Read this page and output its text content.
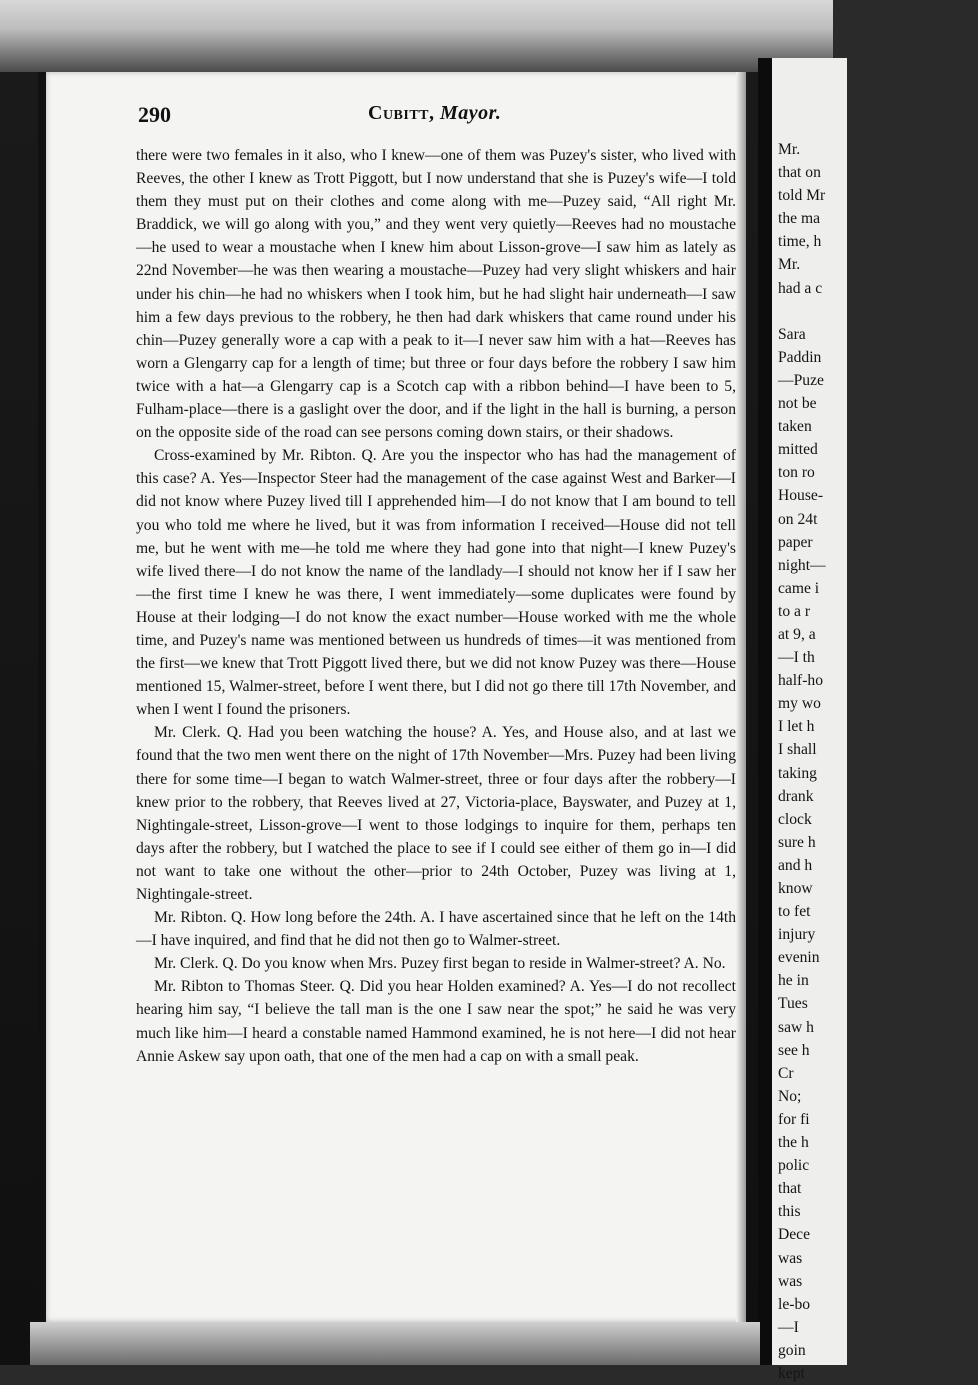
290	Cubitt, Mayor.

there were two females in it also, who I knew—one of them was Puzey's sister, who lived with Reeves, the other I knew as Trott Piggott, but I now understand that she is Puzey's wife—I told them they must put on their clothes and come along with me—Puzey said, “All right Mr. Braddick, we will go along with you,” and they went very quietly—Reeves had no moustache—he used to wear a moustache when I knew him about Lisson-grove—I saw him as lately as 22nd November—he was then wearing a moustache—Puzey had very slight whiskers and hair under his chin—he had no whiskers when I took him, but he had slight hair underneath—I saw him a few days previous to the robbery, he then had dark whiskers that came round under his chin—Puzey generally wore a cap with a peak to it—I never saw him with a hat—Reeves has worn a Glengarry cap for a length of time; but three or four days before the robbery I saw him twice with a hat—a Glengarry cap is a Scotch cap with a ribbon behind—I have been to 5, Fulham-place—there is a gaslight over the door, and if the light in the hall is burning, a person on the opposite side of the road can see persons coming down stairs, or their shadows.

Cross-examined by Mr. Ribton. Q. Are you the inspector who has had the management of this case? A. Yes—Inspector Steer had the management of the case against West and Barker—I did not know where Puzey lived till I apprehended him—I do not know that I am bound to tell you who told me where he lived, but it was from information I received—House did not tell me, but he went with me—he told me where they had gone into that night—I knew Puzey's wife lived there—I do not know the name of the landlady—I should not know her if I saw her—the first time I knew he was there, I went immediately—some duplicates were found by House at their lodging—I do not know the exact number—House worked with me the whole time, and Puzey's name was mentioned between us hundreds of times—it was mentioned from the first—we knew that Trott Piggott lived there, but we did not know Puzey was there—House mentioned 15, Walmer-street, before I went there, but I did not go there till 17th November, and when I went I found the prisoners.

Mr. Clerk. Q. Had you been watching the house? A. Yes, and House also, and at last we found that the two men went there on the night of 17th November—Mrs. Puzey had been living there for some time—I began to watch Walmer-street, three or four days after the robbery—I knew prior to the robbery, that Reeves lived at 27, Victoria-place, Bayswater, and Puzey at 1, Nightingale-street, Lisson-grove—I went to those lodgings to inquire for them, perhaps ten days after the robbery, but I watched the place to see if I could see either of them go in—I did not want to take one without the other—prior to 24th October, Puzey was living at 1, Nightingale-street.

Mr. Ribton. Q. How long before the 24th. A. I have ascertained since that he left on the 14th—I have inquired, and find that he did not then go to Walmer-street.

Mr. Clerk. Q. Do you know when Mrs. Puzey first began to reside in Walmer-street? A. No.

Mr. Ribton to Thomas Steer. Q. Did you hear Holden examined? A. Yes—I do not recollect hearing him say, “I believe the tall man is the one I saw near the spot;” he said he was very much like him—I heard a constable named Hammond examined, he is not here—I did not hear Annie Askew say upon oath, that one of the men had a cap on with a small peak.

Mr.
that on
told Mr
the ma
time, h
Mr.
had a c
Sara
Paddin
—Puze
not be
taken
mitted
ton ro
House-
on 24t
paper
night—
came i
to a r
at 9, a
—I th
half-ho
my wo
I let h
I shall
taking
drank
clock
sure h
and h
know
to fet
injury
evenin
he in
Tues
saw h
see h
Cr
No;
for fi
the h
polic
that
this
Dece
was
was
le-bo
—I
goin
kept
